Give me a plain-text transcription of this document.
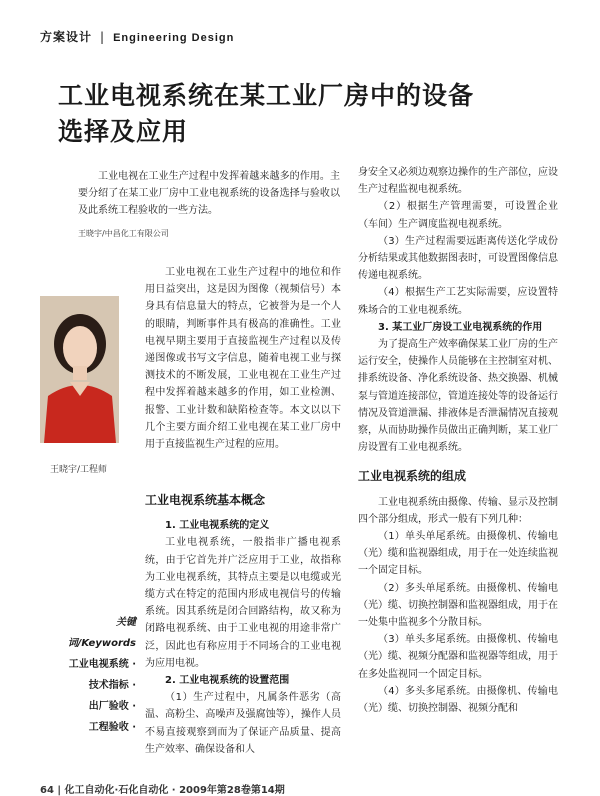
方案设计 | Engineering Design
工业电视系统在某工业厂房中的设备
选择及应用

工业电视在工业生产过程中发挥着越来越多的作用。主要分绍了在某工业厂房中工业电视系统的设备选择与验收以及此系统工程验收的一些方法。

王晓宇/中昌化工有限公司
王晓宇/工程师

工业电视在工业生产过程中的地位和作用日益突出，这是因为图像（视频信号）本身具有信息量大的特点，它被誉为是一个人的眼睛，判断事件具有极高的准确性。工业电视早期主要用于直接监视生产过程以及传递图像或书写文字信息，随着电视工业与探测技术的不断发展，工业电视在工业生产过程中发挥着越来越多的作用，如工业检测、报警、工业计数和缺陷检查等。本文以以下几个主要方面介绍工业电视在某工业厂房中用于直接监视生产过程的应用。

工业电视系统基本概念

1. 工业电视系统的定义

工业电视系统，一般指非广播电视系统，由于它首先并广泛应用于工业，故指称为工业电视系统，其特点主要是以电缆或光缆方式在特定的范围内形成电视信号的传输系统。因其系统是闭合回路结构，故又称为闭路电视系统、由于工业电视的用途非常广泛，因此也有称应用于不同场合的工业电视为应用电视。

2. 工业电视系统的设置范围

（1）生产过程中，凡属条件恶劣（高温、高粉尘、高噪声及强腐蚀等），操作人员不易直接观察到而为了保证产品质量、提高生产效率、确保设备和人

身安全又必须边观察边操作的生产部位，应设生产过程监视电视系统。

（2）根据生产管理需要，可设置企业（车间）生产调度监视电视系统。

（3）生产过程需要远距离传送化学成份分析结果或其他数据图表时，可设置图像信息传递电视系统。

（4）根据生产工艺实际需要，应设置特殊场合的工业电视系统。

3. 某工业厂房设工业电视系统的作用

为了提高生产效率确保某工业厂房的生产运行安全，使操作人员能够在主控制室对机、排系统设备、净化系统设备、热交换器、机械泵与管道连接部位，管道连接处等的设备运行情况及管道泄漏、排液体是否泄漏情况直接观察，从而协助操作员做出正确判断，某工业厂房设置有工业电视系统。

工业电视系统的组成

工业电视系统由摄像、传输、显示及控制四个部分组成，形式一般有下列几种：

（1）单头单尾系统。由摄像机、传输电（光）缆和监视器组成，用于在一处连续监视一个固定目标。

（2）多头单尾系统。由摄像机、传输电（光）缆、切换控制器和监视器组成，用于在一处集中监视多个分散目标。

（3）单头多尾系统。由摄像机、传输电（光）缆、视频分配器和监视器等组成，用于在多处监视同一个固定目标。

（4）多头多尾系统。由摄像机、传输电（光）缆、切换控制器、视频分配和

关键词/Keywords
工业电视系统 ·
技术指标 ·
出厂验收 ·
工程验收 ·
64 | 化工自动化·石化自动化 · 2009年第28卷第14期
